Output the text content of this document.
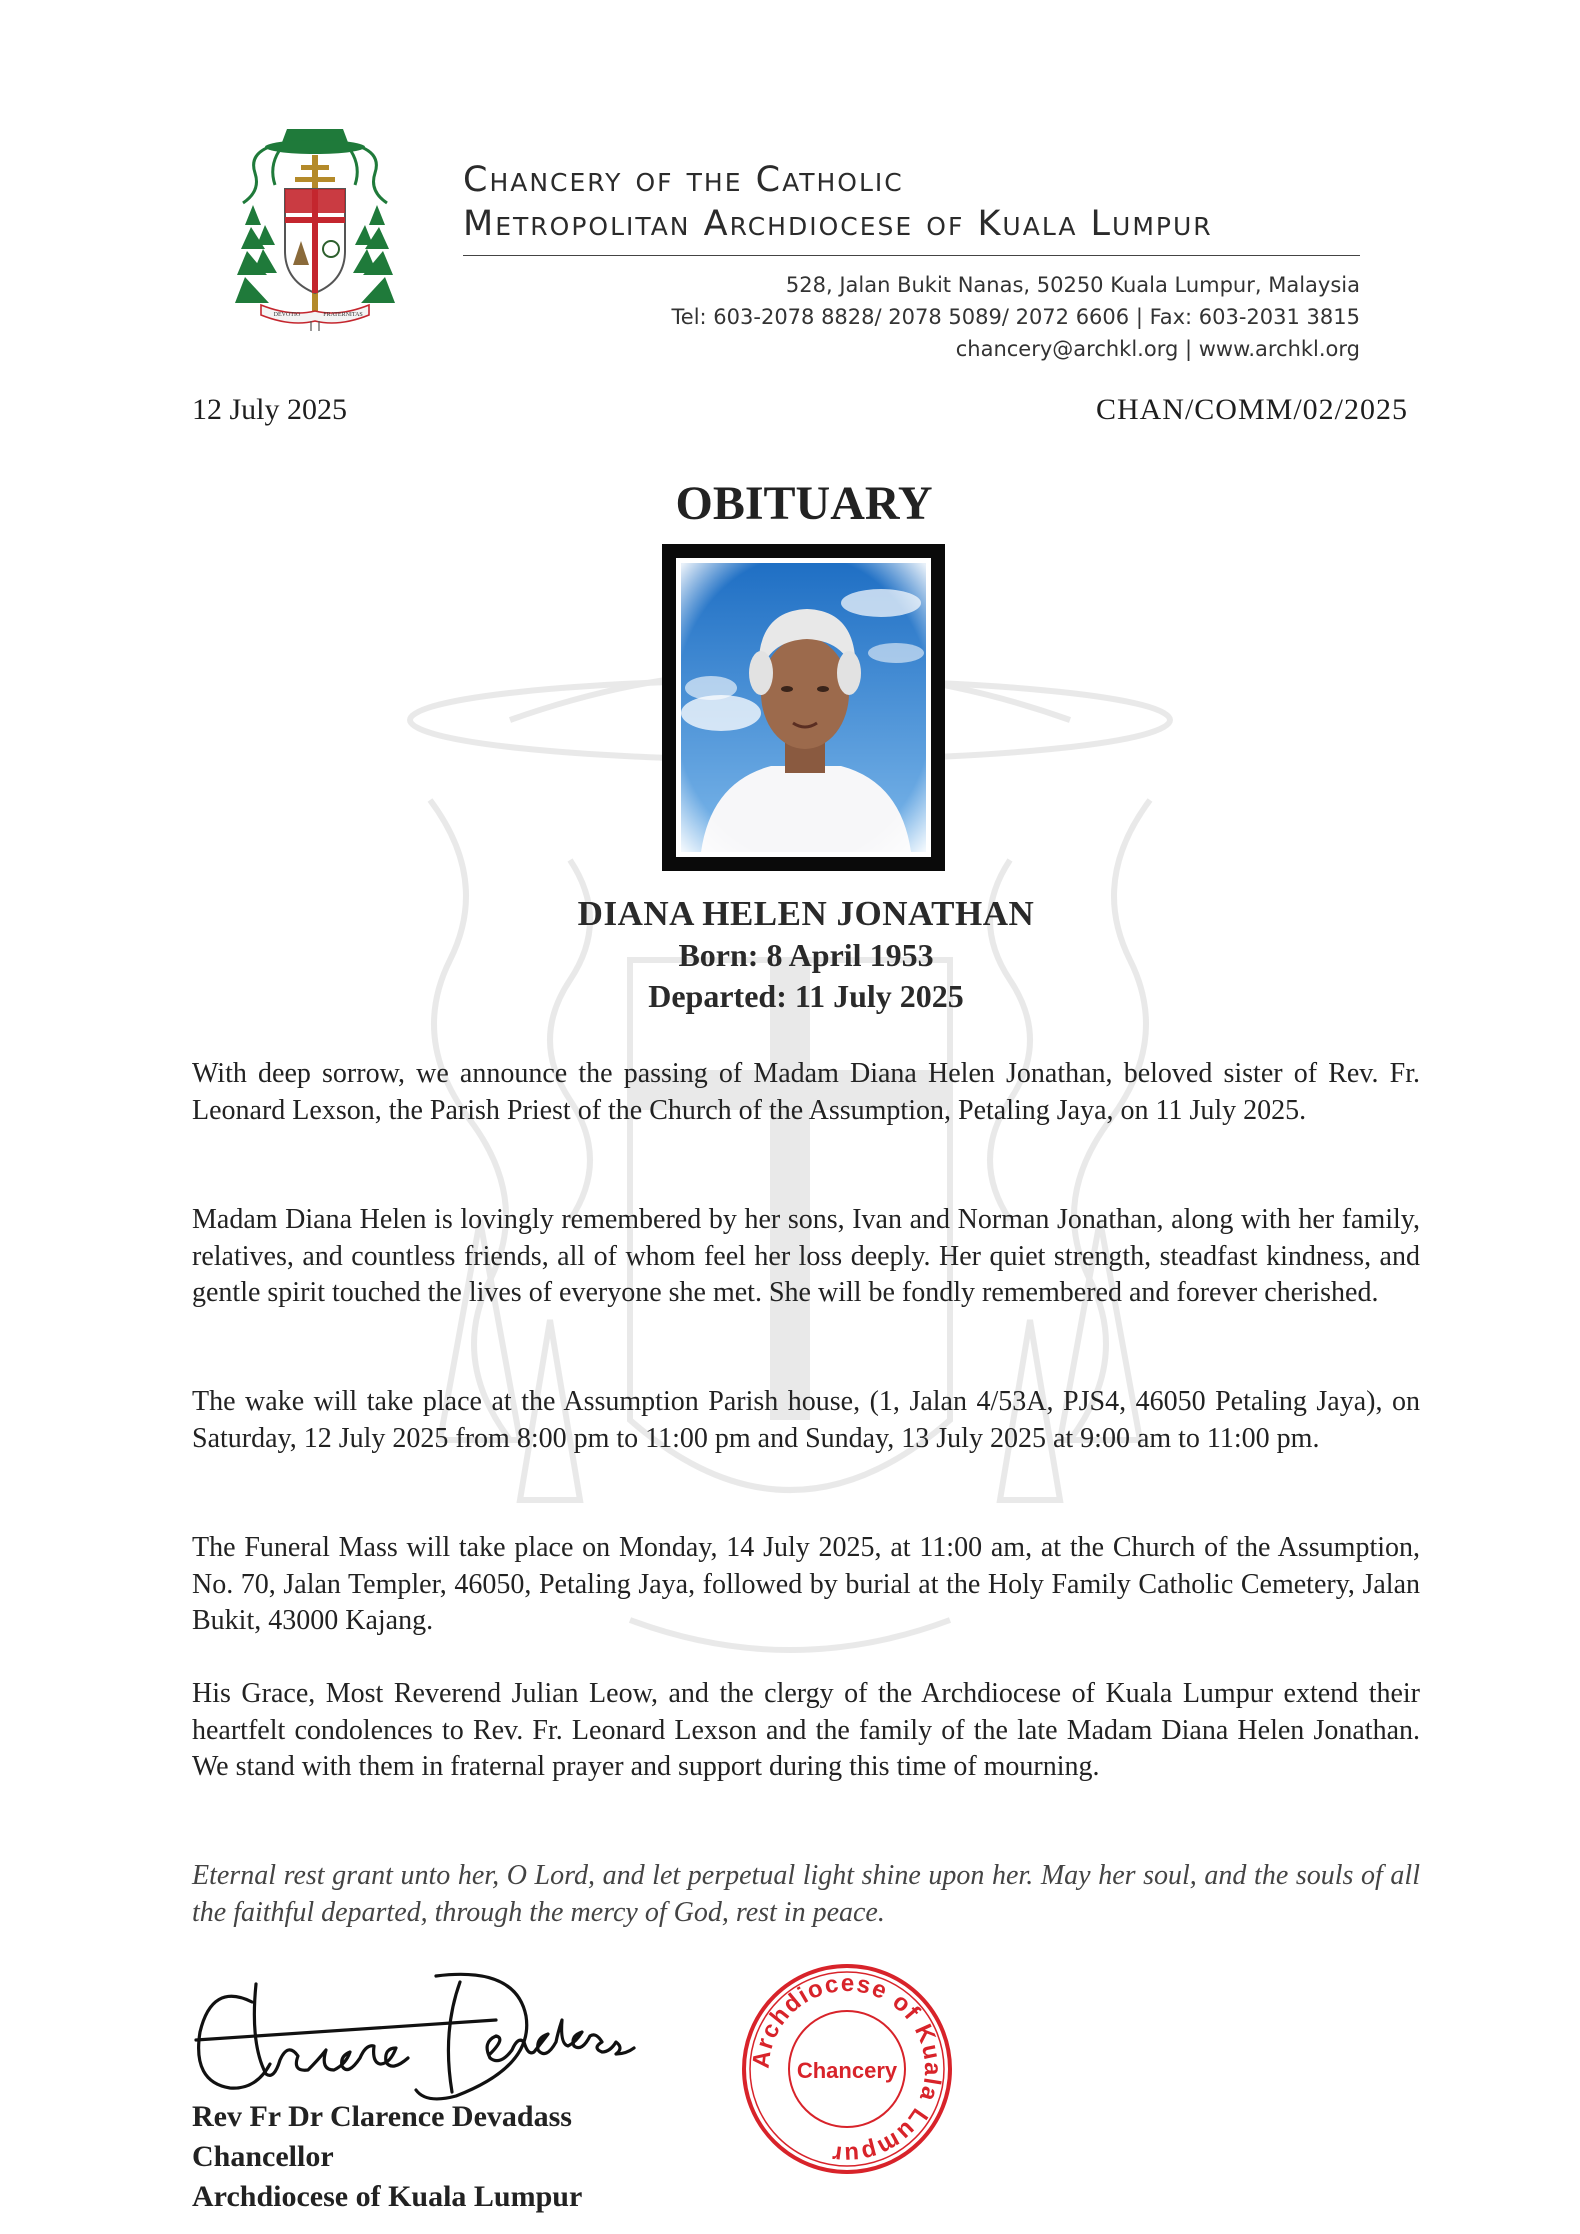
DEVOTIO	FRATERNITAS
Chancery of the Catholic
Metropolitan Archdiocese of Kuala Lumpur
528, Jalan Bukit Nanas, 50250 Kuala Lumpur, Malaysia
Tel: 603-2078 8828/ 2078 5089/ 2072 6606 | Fax: 603-2031 3815
chancery@archkl.org | www.archkl.org
12 July 2025	CHAN/COMM/02/2025
OBITUARY
DIANA HELEN JONATHAN
Born: 8 April 1953
Departed: 11 July 2025
With deep sorrow, we announce the passing of Madam Diana Helen Jonathan, beloved sister of Rev. Fr. Leonard Lexson, the Parish Priest of the Church of the Assumption, Petaling Jaya, on 11 July 2025.
Madam Diana Helen is lovingly remembered by her sons, Ivan and Norman Jonathan, along with her family, relatives, and countless friends, all of whom feel her loss deeply. Her quiet strength, steadfast kindness, and gentle spirit touched the lives of everyone she met. She will be fondly remembered and forever cherished.
The wake will take place at the Assumption Parish house, (1, Jalan 4/53A, PJS4, 46050 Petaling Jaya), on Saturday, 12 July 2025 from 8:00 pm to 11:00 pm and Sunday, 13 July 2025 at 9:00 am to 11:00 pm.
The Funeral Mass will take place on Monday, 14 July 2025, at 11:00 am, at the Church of the Assumption, No. 70, Jalan Templer, 46050, Petaling Jaya, followed by burial at the Holy Family Catholic Cemetery, Jalan Bukit, 43000 Kajang.
His Grace, Most Reverend Julian Leow, and the clergy of the Archdiocese of Kuala Lumpur extend their heartfelt condolences to Rev. Fr. Leonard Lexson and the family of the late Madam Diana Helen Jonathan. We stand with them in fraternal prayer and support during this time of mourning.
Eternal rest grant unto her, O Lord, and let perpetual light shine upon her. May her soul, and the souls of all the faithful departed, through the mercy of God, rest in peace.
Archdiocese of Kuala Lumpur
Chancery
Rev Fr Dr Clarence Devadass
Chancellor
Archdiocese of Kuala Lumpur
